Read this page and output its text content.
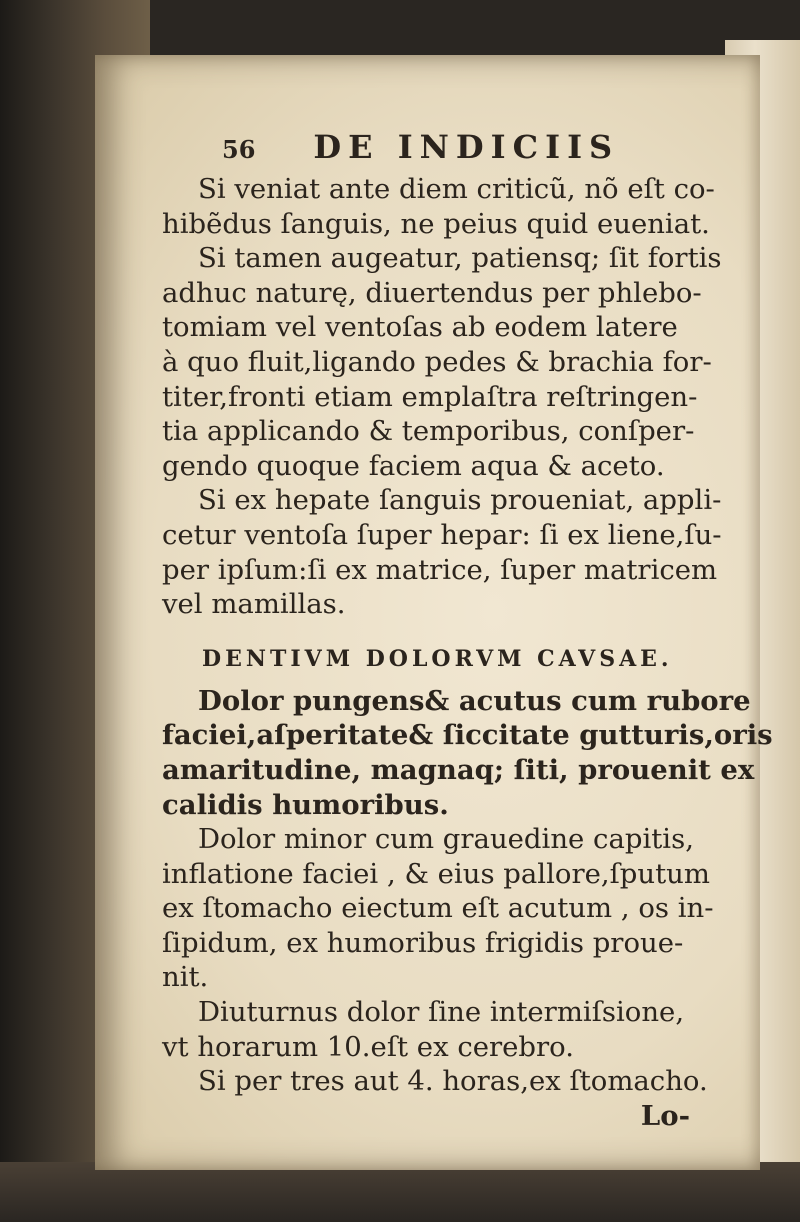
56 DE INDICIIS
Si veniat ante diem criticũ, nõ eſt co-
hibẽdus ſanguis, ne peius quid eueniat.
Si tamen augeatur, patiensq; ſit fortis
adhuc naturę, diuertendus per phlebo-
tomiam vel ventoſas ab eodem latere
à quo fluit,ligando pedes & brachia for-
titer,fronti etiam emplaſtra reſtringen-
tia applicando & temporibus, conſper-
gendo quoque faciem aqua & aceto.
Si ex hepate ſanguis proueniat, appli-
cetur ventoſa ſuper hepar: ſi ex liene,ſu-
per ipſum:ſi ex matrice, ſuper matricem
vel mamillas.
DENTIVM DOLORVM CAVSAE.
Dolor pungens& acutus cum rubore
faciei,aſperitate& ſiccitate gutturis,oris
amaritudine, magnaq; ſiti, prouenit ex
calidis humoribus.
Dolor minor cum grauedine capitis,
inflatione faciei , & eius pallore,ſputum
ex ſtomacho eiectum eſt acutum , os in-
ſipidum, ex humoribus frigidis proue-
nit.
Diuturnus dolor ſine intermiſsione,
vt horarum 10.eſt ex cerebro.
Si per tres aut 4. horas,ex ſtomacho.
Lo-
